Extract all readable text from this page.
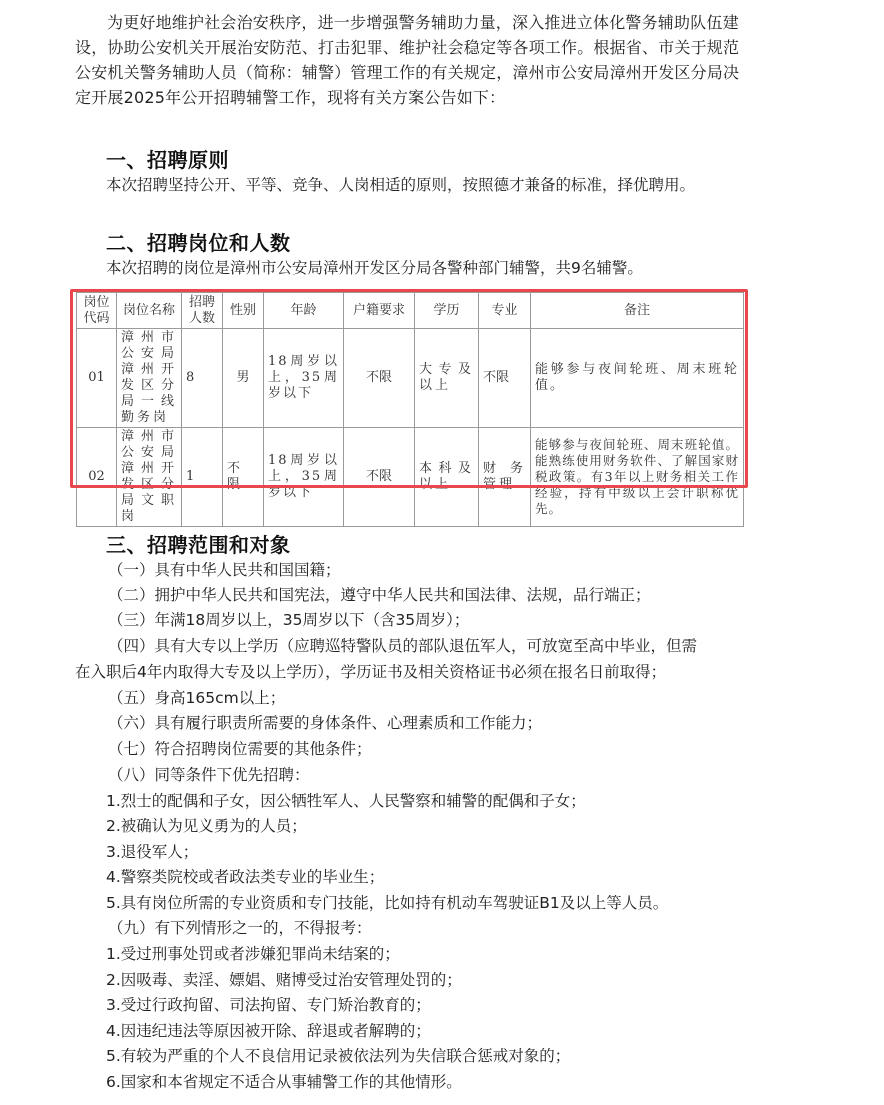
为更好地维护社会治安秩序，进一步增强警务辅助力量，深入推进立体化警务辅助队伍建设，协助公安机关开展治安防范、打击犯罪、维护社会稳定等各项工作。根据省、市关于规范公安机关警务辅助人员（简称：辅警）管理工作的有关规定，漳州市公安局漳州开发区分局决定开展2025年公开招聘辅警工作，现将有关方案公告如下：

一、招聘原则
本次招聘坚持公开、平等、竞争、人岗相适的原则，按照德才兼备的标准，择优聘用。
二、招聘岗位和人数
本次招聘的岗位是漳州市公安局漳州开发区分局各警种部门辅警，共9名辅警。
岗位代码	岗位名称	招聘人数	性别	年龄	户籍要求	学历	专业	备注
01	漳州市公安局漳州开发区分局一线勤务岗	8	男	18周岁以上，35周岁以下	不限	大专及以上	不限	能够参与夜间轮班、周末班轮值。
02	漳州市公安局漳州开发区分局文职岗	1	不限	18周岁以上，35周岁以下	不限	本科及以上	财务管理	能够参与夜间轮班、周末班轮值。能熟练使用财务软件、了解国家财税政策。有3年以上财务相关工作经验，持有中级以上会计职称优先。
三、招聘范围和对象
（一）具有中华人民共和国国籍；
（二）拥护中华人民共和国宪法，遵守中华人民共和国法律、法规，品行端正；
（三）年满18周岁以上，35周岁以下（含35周岁）；
（四）具有大专以上学历（应聘巡特警队员的部队退伍军人，可放宽至高中毕业，但需
在入职后4年内取得大专及以上学历），学历证书及相关资格证书必须在报名日前取得；
（五）身高165cm以上；
（六）具有履行职责所需要的身体条件、心理素质和工作能力；
（七）符合招聘岗位需要的其他条件；
（八）同等条件下优先招聘：
1.烈士的配偶和子女，因公牺牲军人、人民警察和辅警的配偶和子女；
2.被确认为见义勇为的人员；
3.退役军人；
4.警察类院校或者政法类专业的毕业生；
5.具有岗位所需的专业资质和专门技能，比如持有机动车驾驶证B1及以上等人员。
（九）有下列情形之一的，不得报考：
1.受过刑事处罚或者涉嫌犯罪尚未结案的；
2.因吸毒、卖淫、嫖娼、赌博受过治安管理处罚的；
3.受过行政拘留、司法拘留、专门矫治教育的；
4.因违纪违法等原因被开除、辞退或者解聘的；
5.有较为严重的个人不良信用记录被依法列为失信联合惩戒对象的；
6.国家和本省规定不适合从事辅警工作的其他情形。
